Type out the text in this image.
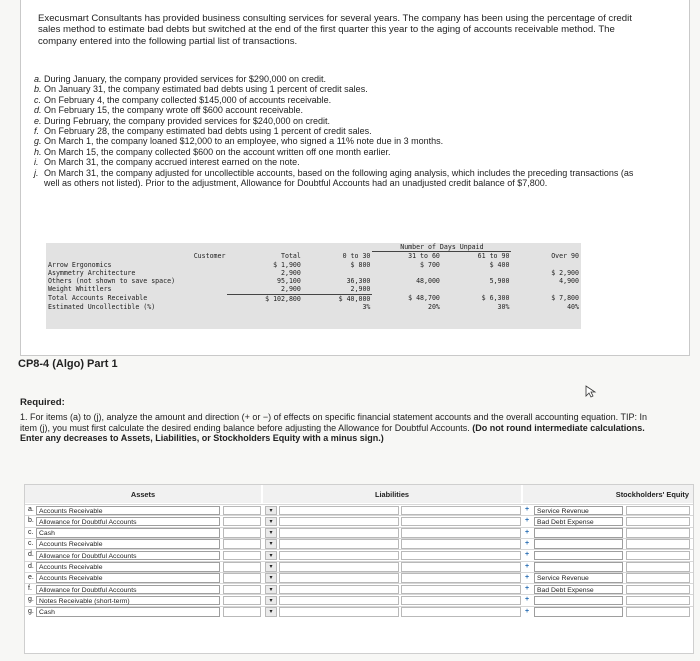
Execusmart Consultants has provided business consulting services for several years. The company has been using the percentage of credit sales method to estimate bad debts but switched at the end of the first quarter this year to the aging of accounts receivable method. The company entered into the following partial list of transactions.
a. During January, the company provided services for $290,000 on credit.
b. On January 31, the company estimated bad debts using 1 percent of credit sales.
c. On February 4, the company collected $145,000 of accounts receivable.
d. On February 15, the company wrote off $600 account receivable.
e. During February, the company provided services for $240,000 on credit.
f. On February 28, the company estimated bad debts using 1 percent of credit sales.
g. On March 1, the company loaned $12,000 to an employee, who signed a 11% note due in 3 months.
h. On March 15, the company collected $600 on the account written off one month earlier.
i. On March 31, the company accrued interest earned on the note.
j. On March 31, the company adjusted for uncollectible accounts, based on the following aging analysis, which includes the preceding transactions (as well as others not listed). Prior to the adjustment, Allowance for Doubtful Accounts had an unadjusted credit balance of $7,800.
			Number of Days Unpaid		
Customer	Total	0 to 30	31 to 60	61 to 90	Over 90
Arrow Ergonomics	$ 1,900	$ 800	$ 700	$ 400	
Asymmetry Architecture	2,900				$ 2,900
Others (not shown to save space)	95,100	36,300	48,000	5,900	4,900
Weight Whittlers	2,900	2,900			
Total Accounts Receivable	$ 102,800	$ 40,000	$ 48,700	$ 6,300	$ 7,800
Estimated Uncollectible (%)		3%	20%	30%	40%
CP8-4 (Algo) Part 1
Required:
1. For items (a) to (j), analyze the amount and direction (+ or −) of effects on specific financial statement accounts and the overall accounting equation. TIP: In item (j), you must first calculate the desired ending balance before adjusting the Allowance for Doubtful Accounts. (Do not round intermediate calculations. Enter any decreases to Assets, Liabilities, or Stockholders Equity with a minus sign.)
Assets	Liabilities	Stockholders' Equity
a. Accounts Receivable	▾	+	Service Revenue
b. Allowance for Doubtful Accounts	▾	+	Bad Debt Expense
c. Cash	▾	+
c. Accounts Receivable	▾	+
d. Allowance for Doubtful Accounts	▾	+
d. Accounts Receivable	▾	+
e. Accounts Receivable	▾	+	Service Revenue
f.	Allowance for Doubtful Accounts	▾	+	Bad Debt Expense
g. Notes Receivable (short-term)	▾	+
g. Cash	▾	+
